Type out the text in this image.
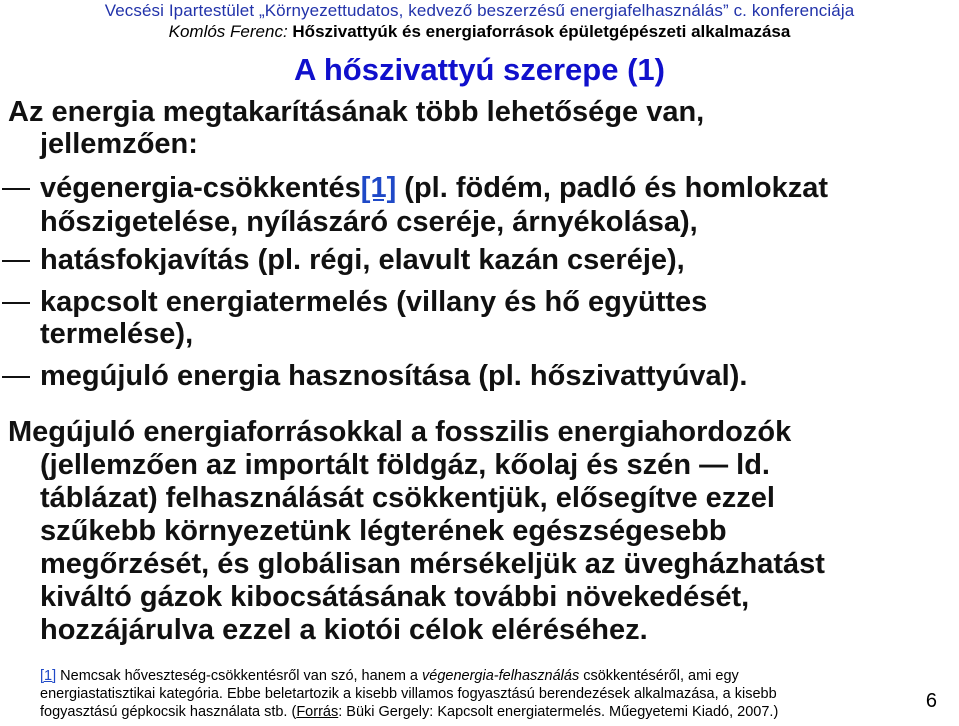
Vecsési Ipartestület „Környezettudatos, kedvező beszerzésű energiafelhasználás” c. konferenciája
Komlós Ferenc: Hőszivattyúk és energiaforrások épületgépészeti alkalmazása
A hőszivattyú szerepe (1)
Az energia megtakarításának több lehetősége van,
jellemzően:
végenergia-csökkentés[1] (pl. födém, padló és homlokzat
hőszigetelése, nyílászáró cseréje, árnyékolása),
hatásfokjavítás (pl. régi, elavult kazán cseréje),
kapcsolt energiatermelés (villany és hő együttes
termelése),
megújuló energia hasznosítása (pl. hőszivattyúval).
Megújuló energiaforrásokkal a fosszilis energiahordozók
(jellemzően az importált földgáz, kőolaj és szén — ld.
táblázat) felhasználását csökkentjük, elősegítve ezzel
szűkebb környezetünk légterének egészségesebb
megőrzését, és globálisan mérsékeljük az üvegházhatást
kiváltó gázok kibocsátásának további növekedését,
hozzájárulva ezzel a kiotói célok eléréséhez.
[1] Nemcsak hőveszteség-csökkentésről van szó, hanem a végenergia-felhasználás csökkentéséről, ami egy
energiastatisztikai kategória. Ebbe beletartozik a kisebb villamos fogyasztású berendezések alkalmazása, a kisebb
fogyasztású gépkocsik használata stb. (Forrás: Büki Gergely: Kapcsolt energiatermelés. Műegyetemi Kiadó, 2007.)	6
